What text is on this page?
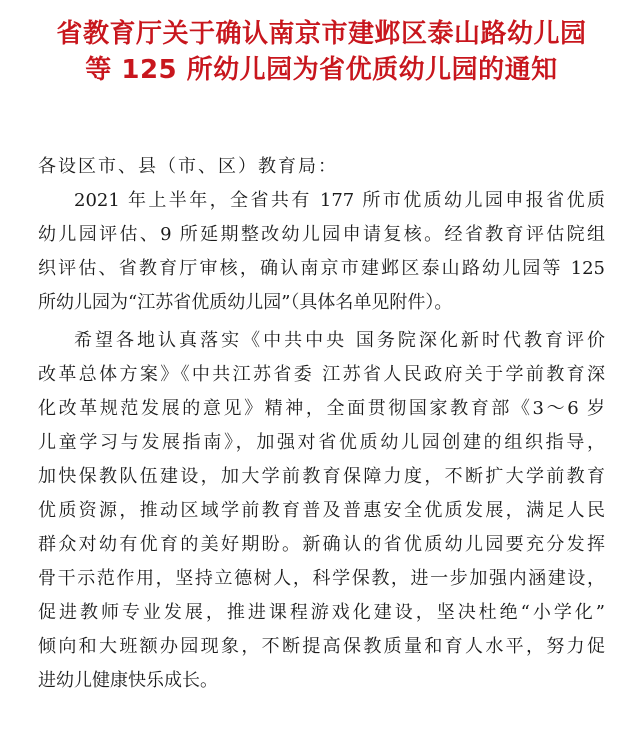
省教育厅关于确认南京市建邺区泰山路幼儿园
等 125 所幼儿园为省优质幼儿园的通知
各设区市、县（市、区）教育局：
2021 年上半年，全省共有 177 所市优质幼儿园申报省优质
幼儿园评估、9 所延期整改幼儿园申请复核。经省教育评估院组
织评估、省教育厅审核，确认南京市建邺区泰山路幼儿园等 125
所幼儿园为“江苏省优质幼儿园”（具体名单见附件）。
希望各地认真落实《中共中央 国务院深化新时代教育评价
改革总体方案》《中共江苏省委 江苏省人民政府关于学前教育深
化改革规范发展的意见》精神，全面贯彻国家教育部《3～6 岁
儿童学习与发展指南》，加强对省优质幼儿园创建的组织指导，
加快保教队伍建设，加大学前教育保障力度，不断扩大学前教育
优质资源，推动区域学前教育普及普惠安全优质发展，满足人民
群众对幼有优育的美好期盼。新确认的省优质幼儿园要充分发挥
骨干示范作用，坚持立德树人，科学保教，进一步加强内涵建设，
促进教师专业发展，推进课程游戏化建设，坚决杜绝“小学化”
倾向和大班额办园现象，不断提高保教质量和育人水平，努力促
进幼儿健康快乐成长。
